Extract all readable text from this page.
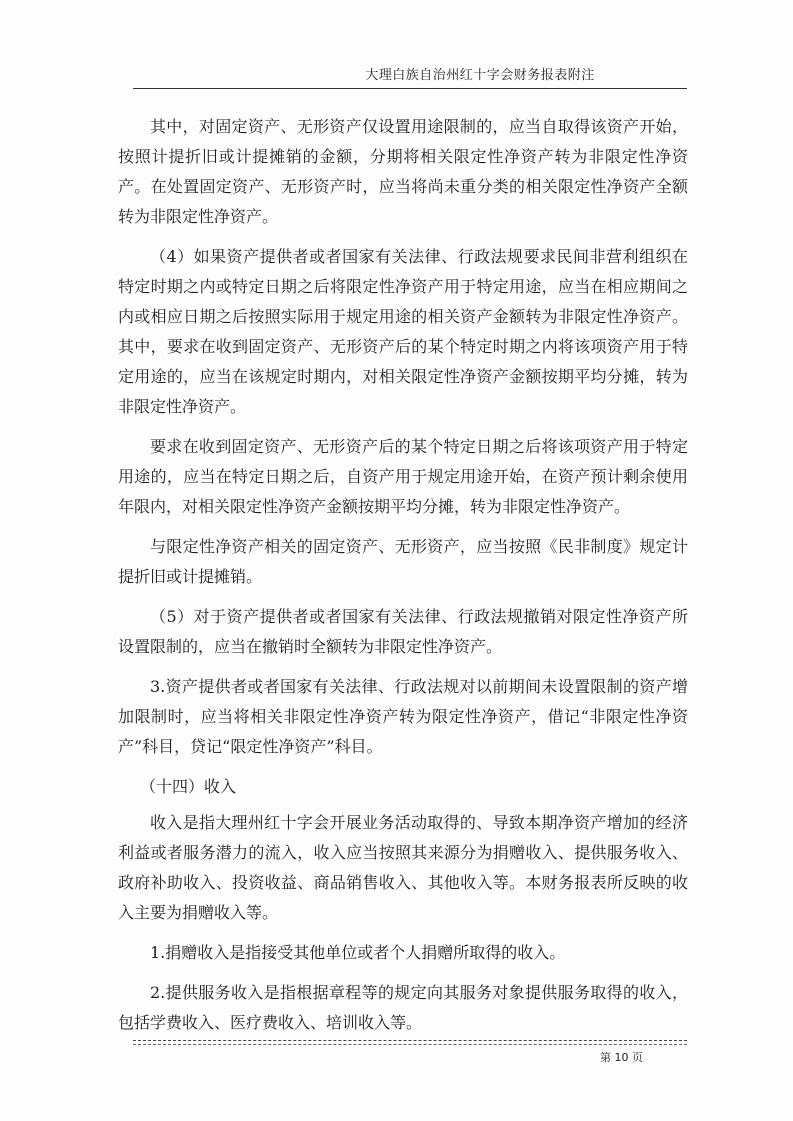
大理白族自治州红十字会财务报表附注

其中，对固定资产、无形资产仅设置用途限制的，应当自取得该资产开始，按照计提折旧或计提摊销的金额，分期将相关限定性净资产转为非限定性净资产。在处置固定资产、无形资产时，应当将尚未重分类的相关限定性净资产全额转为非限定性净资产。

（4）如果资产提供者或者国家有关法律、行政法规要求民间非营利组织在特定时期之内或特定日期之后将限定性净资产用于特定用途，应当在相应期间之内或相应日期之后按照实际用于规定用途的相关资产金额转为非限定性净资产。其中，要求在收到固定资产、无形资产后的某个特定时期之内将该项资产用于特定用途的，应当在该规定时期内，对相关限定性净资产金额按期平均分摊，转为非限定性净资产。

要求在收到固定资产、无形资产后的某个特定日期之后将该项资产用于特定用途的，应当在特定日期之后，自资产用于规定用途开始，在资产预计剩余使用年限内，对相关限定性净资产金额按期平均分摊，转为非限定性净资产。

与限定性净资产相关的固定资产、无形资产，应当按照《民非制度》规定计提折旧或计提摊销。

（5）对于资产提供者或者国家有关法律、行政法规撤销对限定性净资产所设置限制的，应当在撤销时全额转为非限定性净资产。

3.资产提供者或者国家有关法律、行政法规对以前期间未设置限制的资产增加限制时，应当将相关非限定性净资产转为限定性净资产，借记“非限定性净资产”科目，贷记“限定性净资产”科目。

（十四）收入

收入是指大理州红十字会开展业务活动取得的、导致本期净资产增加的经济利益或者服务潜力的流入，收入应当按照其来源分为捐赠收入、提供服务收入、政府补助收入、投资收益、商品销售收入、其他收入等。本财务报表所反映的收入主要为捐赠收入等。

1.捐赠收入是指接受其他单位或者个人捐赠所取得的收入。

2.提供服务收入是指根据章程等的规定向其服务对象提供服务取得的收入，包括学费收入、医疗费收入、培训收入等。

第 10 页
